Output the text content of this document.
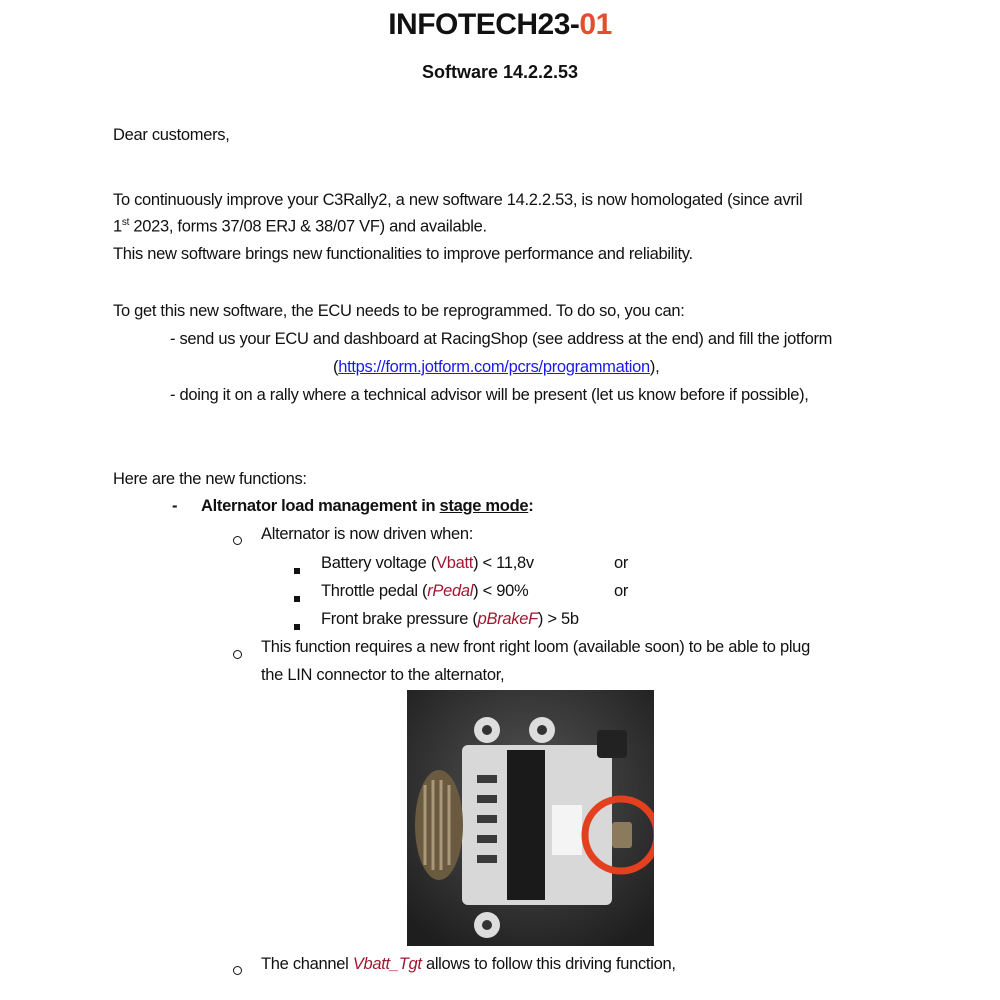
INFOTECH23-01
Software 14.2.2.53
Dear customers,
To continuously improve your C3Rally2, a new software 14.2.2.53, is now homologated (since avril
1st 2023, forms 37/08 ERJ & 38/07 VF) and available.
This new software brings new functionalities to improve performance and reliability.
To get this new software, the ECU needs to be reprogrammed. To do so, you can:
- send us your ECU and dashboard at RacingShop (see address at the end) and fill the jotform
(https://form.jotform.com/pcrs/programmation),
- doing it on a rally where a technical advisor will be present (let us know before if possible),
Here are the new functions:
- Alternator load management in stage mode:
Alternator is now driven when:
Battery voltage (Vbatt) < 11,8v	or
Throttle pedal (rPedal) < 90%	or
Front brake pressure (pBrakeF) > 5b
This function requires a new front right loom (available soon) to be able to plug
the LIN connector to the alternator,
The channel Vbatt_Tgt allows to follow this driving function,
